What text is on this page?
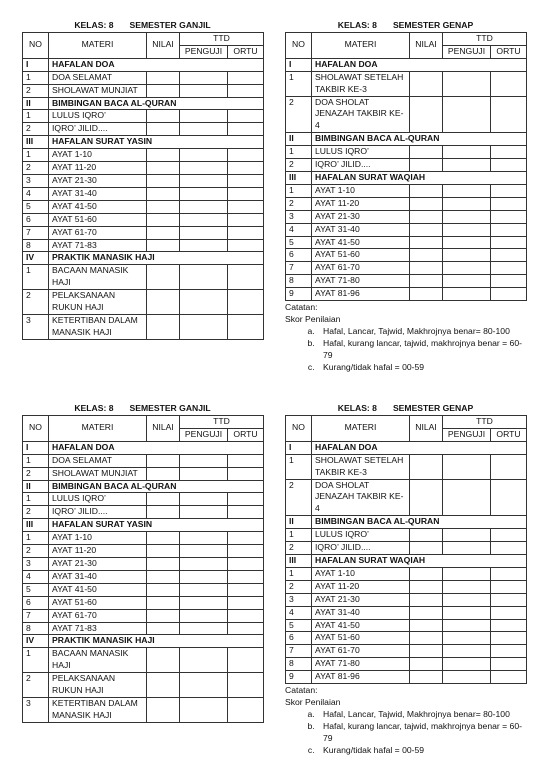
KELAS: 8 SEMESTER GANJIL
NO	MATERI	NILAI	TTD	
			PENGUJI	ORTU
I	HAFALAN DOA			
1	DOA SELAMAT			
2	SHOLAWAT MUNJIAT			
II	BIMBINGAN BACA AL-QURAN			
1	LULUS IQRO’			
2	IQRO’ JILID....			
III	HAFALAN SURAT YASIN			
1	AYAT 1-10			
2	AYAT 11-20			
3	AYAT 21-30			
4	AYAT 31-40			
5	AYAT 41-50			
6	AYAT 51-60			
7	AYAT 61-70			
8	AYAT 71-83			
IV	PRAKTIK MANASIK HAJI			
1	BACAAN MANASIK HAJI			
2	PELAKSANAAN RUKUN HAJI			
3	KETERTIBAN DALAM MANASIK HAJI			
KELAS: 8 SEMESTER GENAP
NO	MATERI	NILAI	TTD	
			PENGUJI	ORTU
I	HAFALAN DOA			
1	SHOLAWAT SETELAH TAKBIR KE-3			
2	DOA SHOLAT JENAZAH TAKBIR KE-4			
II	BIMBINGAN BACA AL-QURAN			
1	LULUS IQRO’			
2	IQRO’ JILID....			
III	HAFALAN SURAT WAQIAH			
1	AYAT 1-10			
2	AYAT 11-20			
3	AYAT 21-30			
4	AYAT 31-40			
5	AYAT 41-50			
6	AYAT 51-60			
7	AYAT 61-70			
8	AYAT 71-80			
9	AYAT 81-96			
Catatan:
Skor Penilaian
a. Hafal, Lancar, Tajwid, Makhrojnya benar= 80-100
b. Hafal, kurang lancar, tajwid, makhrojnya benar = 60-79
c. Kurang/tidak hafal = 00-59
KELAS: 8 SEMESTER GANJIL
NO	MATERI	NILAI	TTD	
			PENGUJI	ORTU
I	HAFALAN DOA			
1	DOA SELAMAT			
2	SHOLAWAT MUNJIAT			
II	BIMBINGAN BACA AL-QURAN			
1	LULUS IQRO’			
2	IQRO’ JILID....			
III	HAFALAN SURAT YASIN			
1	AYAT 1-10			
2	AYAT 11-20			
3	AYAT 21-30			
4	AYAT 31-40			
5	AYAT 41-50			
6	AYAT 51-60			
7	AYAT 61-70			
8	AYAT 71-83			
IV	PRAKTIK MANASIK HAJI			
1	BACAAN MANASIK HAJI			
2	PELAKSANAAN RUKUN HAJI			
3	KETERTIBAN DALAM MANASIK HAJI			
KELAS: 8 SEMESTER GENAP
NO	MATERI	NILAI	TTD	
			PENGUJI	ORTU
I	HAFALAN DOA			
1	SHOLAWAT SETELAH TAKBIR KE-3			
2	DOA SHOLAT JENAZAH TAKBIR KE-4			
II	BIMBINGAN BACA AL-QURAN			
1	LULUS IQRO’			
2	IQRO’ JILID....			
III	HAFALAN SURAT WAQIAH			
1	AYAT 1-10			
2	AYAT 11-20			
3	AYAT 21-30			
4	AYAT 31-40			
5	AYAT 41-50			
6	AYAT 51-60			
7	AYAT 61-70			
8	AYAT 71-80			
9	AYAT 81-96			
Catatan:
Skor Penilaian
a. Hafal, Lancar, Tajwid, Makhrojnya benar= 80-100
b. Hafal, kurang lancar, tajwid, makhrojnya benar = 60-79
c. Kurang/tidak hafal = 00-59
